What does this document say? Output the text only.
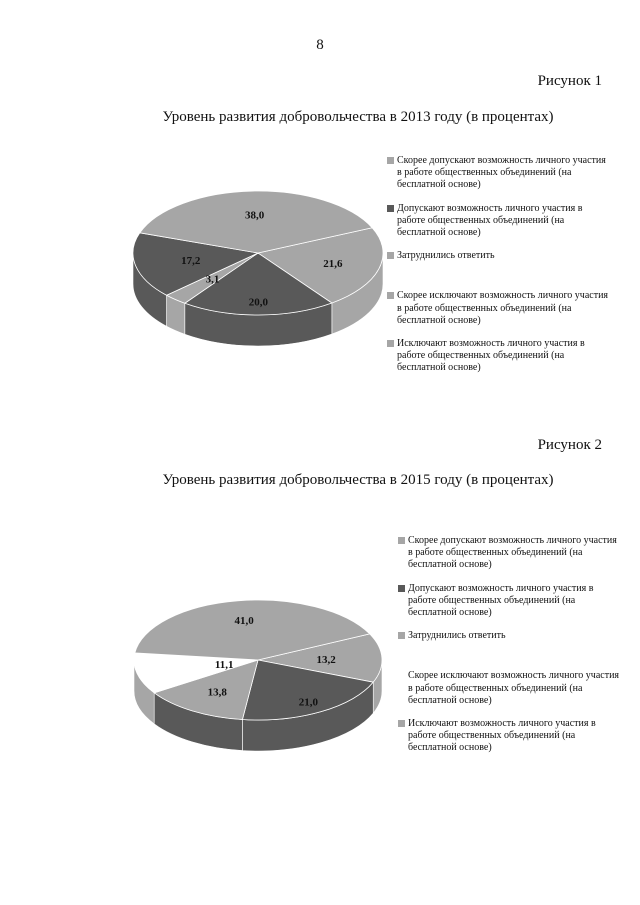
8
Рисунок 1
Уровень развития добровольчества в 2013 году (в процентах)
21,6
20,0
3,1
17,2
38,0
Скорее допускают возможность личного участия в работе общественных объединений (на бесплатной основе)
Допускают возможность личного участия в работе общественных объединений (на бесплатной основе)
Затруднились ответить
Скорее исключают возможность личного участия в работе общественных объединений (на бесплатной основе)
Исключают возможность личного участия в работе общественных объединений (на бесплатной основе)
Рисунок 2
Уровень развития добровольчества в 2015 году (в процентах)
13,2
21,0
13,8
11,1
41,0
Скорее допускают возможность личного участия в работе общественных объединений (на бесплатной основе)
Допускают возможность личного участия в работе общественных объединений (на бесплатной основе)
Затруднились ответить
Скорее исключают возможность личного участия в работе общественных объединений (на бесплатной основе)
Исключают возможность личного участия в работе общественных объединений (на бесплатной основе)
